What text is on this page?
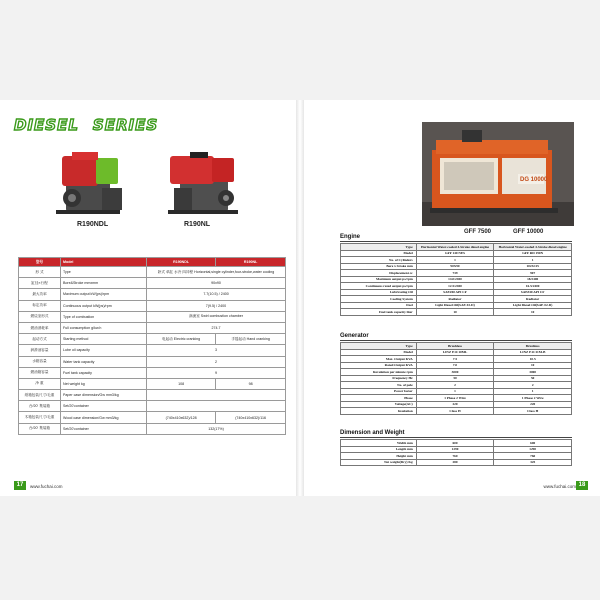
DIESEL SERIES
R190NDL	R190NL
型号	Model	R190NDL	R190NL
形 式	Type	卧式 单缸 水冷 四冲程 Horizontal,single cylinder,four-stroke,water cooling	
缸径×行程	Bore&Stroke mmxmm	90x90	
最大功率	Maximum output kW(ps)/rpm	7.7(10.5) / 2400	
标定功率	Continuous output kW(ps)/rpm	7(9.5) / 2400	
燃烧室形式	Type of combustion	涡流室 Swirl combustion chamber	
燃油消耗率	Full consumption g/kw.h	274.7	
起动方式	Starting method	电起动 Electric cranking	手摇起动 Hand cranking
润滑油容量	Lube oil capacity	3	
水箱容量	Water tank capacity	2	
燃油箱容量	Fuel tank capacity	9	
净 重	Net weight kg	108	98
纸箱包装尺寸/毛重	Paper case dimension/Gw mm3/kg		
台/20' 集装箱	Set/20'container		
木箱包装尺寸/毛重	Wood case dimension/Gw mm3/kg	(740x410x632)/128	(740x410x632)/116
台/20' 集装箱	Set/20'container	132(17%)	
17	www.fuchai.com
DG 10000
GFF 7500	GFF 10000
Engine
Type	Horizontal Water-cooled 4-Stroke diesel engine	Horizontal Water-cooled 4-Stroke diesel engine
Model	GFF 140 NES	GFF RD 190N
No. of Cylinders	1	1
Bore x Stroke mm	90X90	102X115
Displacement cc	739	907
Maximum output ps/rpm	14.0/2400	18/2400
Continuous rated output ps/rpm	12.5/2400	16.5/2400
Lubricating Oil	SAE#40 API CF	SAE#40 API CF
Cooling System	Radiator	Radiator
Fuel	Light Diesel Oil(SAE #2-D)	Light Diesel Oil(SAE #2-D)
Fuel tank capacity liter	10	10
Generator
Type	Brushless	Brushless
Model	LINZ E1C10ML	LINZ E1C11M-B
Max. Output KVA	7.5	10.5
Rated Output KVA	7.0	10
Revolution per minute rpm	3000	3000
Frequency Hz	50	50
No. of pole	2	2
Power factor	1	1
Phase	1 Phase 2 Wire	1 Phase 2 Wire
Voltage(AC)	220	220
Insulation	Class H	Class H
Dimension and Weight
Width mm	600	600
Length mm	1290	1290
Height mm	760	760
Net weight(Dry) Kg	280	325
www.fuchai.com 18
